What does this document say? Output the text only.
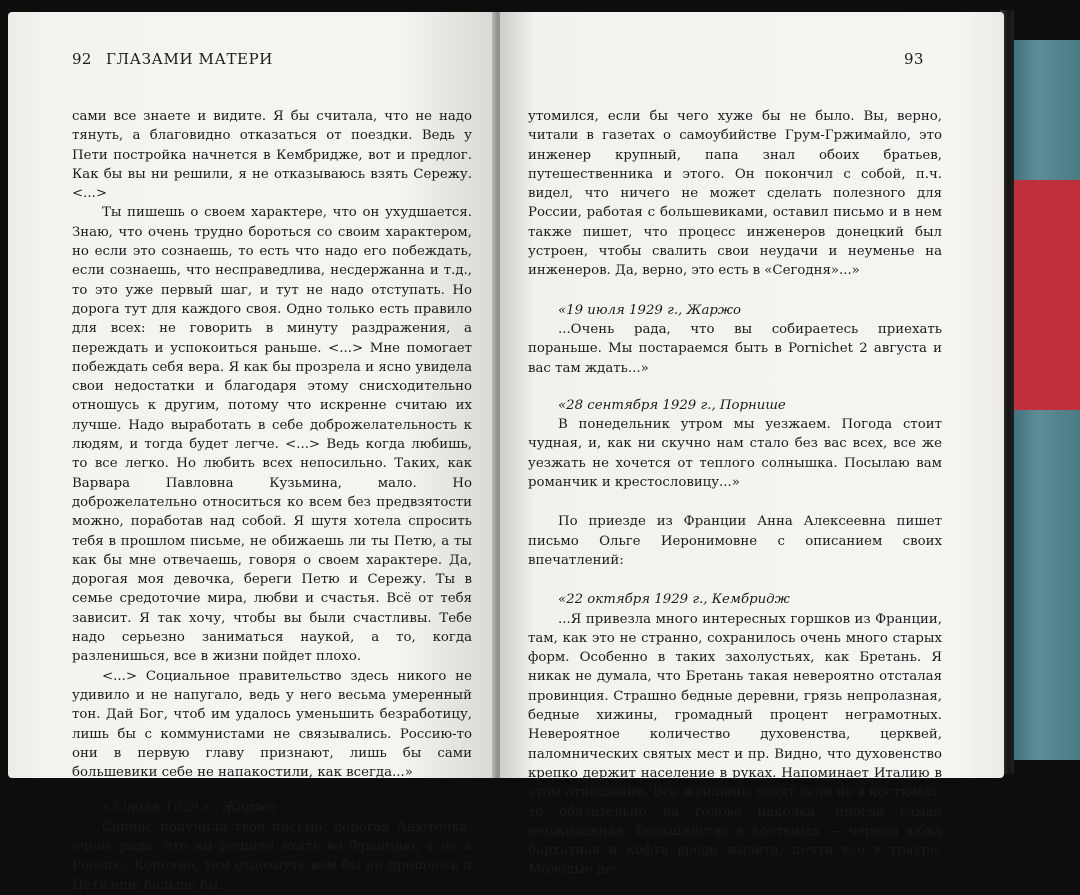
92 ГЛАЗАМИ МАТЕРИ

сами все знаете и видите. Я бы считала, что не надо тянуть, а благовидно отказаться от поездки. Ведь у Пети постройка начнется в Кембридже, вот и предлог. Как бы вы ни решили, я не отказываюсь взять Сережу. <...>

Ты пишешь о своем характере, что он ухудшается. Знаю, что очень трудно бороться со своим характером, но если это сознаешь, то есть что надо его побеждать, если сознаешь, что несправедлива, несдержанна и т.д., то это уже первый шаг, и тут не надо отступать. Но дорога тут для каждого своя. Одно только есть правило для всех: не говорить в минуту раздражения, а переждать и успокоиться раньше. <...> Мне помогает побеждать себя вера. Я как бы прозрела и ясно увидела свои недостатки и благодаря этому снисходительно отношусь к другим, потому что искренне считаю их лучше. Надо выработать в себе доброжелательность к людям, и тогда будет легче. <...> Ведь когда любишь, то все легко. Но любить всех непосильно. Таких, как Варвара Павловна Кузьмина, мало. Но доброжелательно относиться ко всем без предвзятости можно, поработав над собой. Я шутя хотела спросить тебя в прошлом письме, не обижаешь ли ты Петю, а ты как бы мне отвечаешь, говоря о своем характере. Да, дорогая моя девочка, береги Петю и Сережу. Ты в семье средоточие мира, любви и счастья. Всё от тебя зависит. Я так хочу, чтобы вы были счастливы. Тебе надо серьезно заниматься наукой, а то, когда разленишься, все в жизни пойдет плохо.

<...> Социальное правительство здесь никого не удивило и не напугало, ведь у него весьма умеренный тон. Дай Бог, чтоб им удалось уменьшить безработицу, лишь бы с коммунистами не связывались. Россию-то они в первую главу признают, лишь бы сами большевики себе не напакостили, как всегда...»

«3 июля 1929 г., Жаржо

Сейчас получила твое письмо, дорогая Анюточка, очень рада, что вы решили ехать во Францию, а не в Россию. Конечно, там отдохнуть вам бы не пришлось и Петя еще больше бы

93

утомился, если бы чего хуже бы не было. Вы, верно, читали в газетах о самоубийстве Грум-Гржимайло, это инженер крупный, папа знал обоих братьев, путешественника и этого. Он покончил с собой, п.ч. видел, что ничего не может сделать полезного для России, работая с большевиками, оставил письмо и в нем также пишет, что процесс инженеров донецкий был устроен, чтобы свалить свои неудачи и неуменье на инженеров. Да, верно, это есть в «Сегодня»...»

«19 июля 1929 г., Жаржо

...Очень рада, что вы собираетесь приехать пораньше. Мы постараемся быть в Pornichet 2 августа и вас там ждать...»

«28 сентября 1929 г., Порнише

В понедельник утром мы уезжаем. Погода стоит чудная, и, как ни скучно нам стало без вас всех, все же уезжать не хочется от теплого солнышка. Посылаю вам романчик и крестословицу...»

По приезде из Франции Анна Алексеевна пишет письмо Ольге Иеронимовне с описанием своих впечатлений:

«22 октября 1929 г., Кембридж

...Я привезла много интересных горшков из Франции, там, как это не странно, сохранилось очень много старых форм. Особенно в таких захолустьях, как Бретань. Я никак не думала, что Бретань такая невероятно отсталая провинция. Страшно бедные деревни, грязь непролазная, бедные хижины, громадный процент неграмотных. Невероятное количество духовенства, церквей, паломнических святых мест и пр. Видно, что духовенство крепко держит население в руках. Напоминает Италию в этом отношении. Все женщины ходят если не в костюмах, то обязательно на голове наколка, иногда самая неожиданная. Большинство в костюмах — черная юбка бархатная и кофта вроде жилета, почти все в трауре. Молодые де-
